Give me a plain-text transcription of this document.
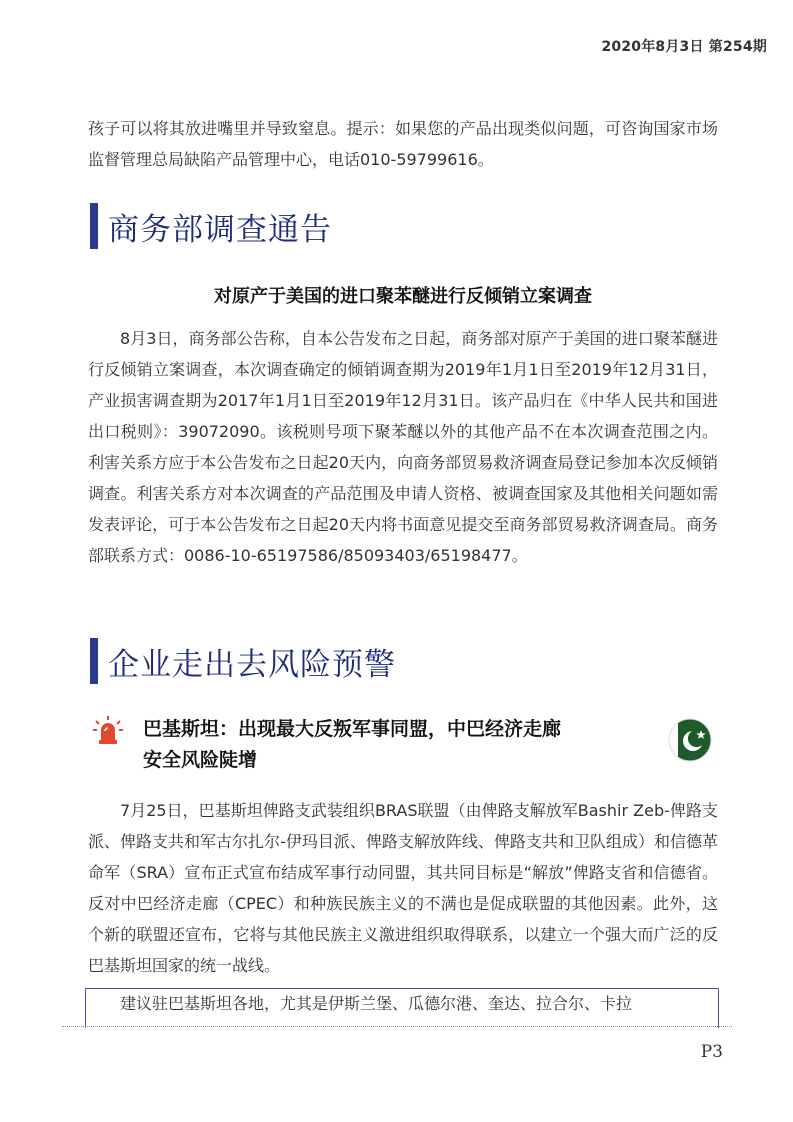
2020年8月3日 第254期

孩子可以将其放进嘴里并导致窒息。提示：如果您的产品出现类似问题，可咨询国家市场监督管理总局缺陷产品管理中心，电话010-59799616。

商务部调查通告
对原产于美国的进口聚苯醚进行反倾销立案调查

8月3日，商务部公告称，自本公告发布之日起，商务部对原产于美国的进口聚苯醚进行反倾销立案调查，本次调查确定的倾销调查期为2019年1月1日至2019年12月31日，产业损害调查期为2017年1月1日至2019年12月31日。该产品归在《中华人民共和国进出口税则》：39072090。该税则号项下聚苯醚以外的其他产品不在本次调查范围之内。利害关系方应于本公告发布之日起20天内，向商务部贸易救济调查局登记参加本次反倾销调查。利害关系方对本次调查的产品范围及申请人资格、被调查国家及其他相关问题如需发表评论，可于本公告发布之日起20天内将书面意见提交至商务部贸易救济调查局。商务部联系方式：0086-10-65197586/85093403/65198477。

企业走出去风险预警
巴基斯坦：出现最大反叛军事同盟，中巴经济走廊
安全风险陡增

7月25日，巴基斯坦俾路支武装组织BRAS联盟（由俾路支解放军Bashir Zeb-俾路支派、俾路支共和军古尔扎尔-伊玛目派、俾路支解放阵线、俾路支共和卫队组成）和信德革命军（SRA）宣布正式宣布结成军事行动同盟，其共同目标是“解放”俾路支省和信德省。反对中巴经济走廊（CPEC）和种族民族主义的不满也是促成联盟的其他因素。此外，这个新的联盟还宣布，它将与其他民族主义激进组织取得联系，以建立一个强大而广泛的反巴基斯坦国家的统一战线。

建议驻巴基斯坦各地，尤其是伊斯兰堡、瓜德尔港、奎达、拉合尔、卡拉

P3
